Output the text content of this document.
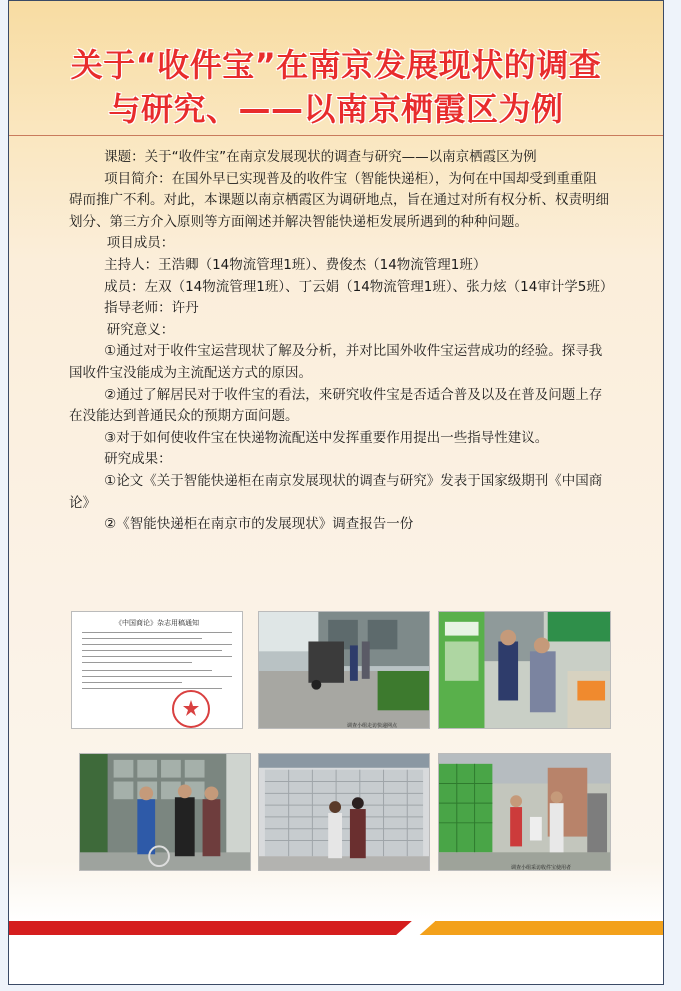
关于“收件宝”在南京发展现状的调查
与研究、——以南京栖霞区为例

课题：关于“收件宝”在南京发展现状的调查与研究——以南京栖霞区为例

项目简介：在国外早已实现普及的收件宝（智能快递柜），为何在中国却受到重重阻碍而推广不利。对此，本课题以南京栖霞区为调研地点，旨在通过对所有权分析、权责明细划分、第三方介入原则等方面阐述并解决智能快递柜发展所遇到的种种问题。

项目成员：

主持人：王浩卿（14物流管理1班）、费俊杰（14物流管理1班）

成员：左双（14物流管理1班）、丁云娟（14物流管理1班）、张力炫（14审计学5班）

指导老师：许丹

研究意义：

①通过对于收件宝运营现状了解及分析，并对比国外收件宝运营成功的经验。探寻我国收件宝没能成为主流配送方式的原因。

②通过了解居民对于收件宝的看法，来研究收件宝是否适合普及以及在普及问题上存在没能达到普通民众的预期方面问题。

③对于如何使收件宝在快递物流配送中发挥重要作用提出一些指导性建议。

研究成果：

①论文《关于智能快递柜在南京发展现状的调查与研究》发表于国家级期刊《中国商论》

②《智能快递柜在南京市的发展现状》调查报告一份

《中国商论》杂志用稿通知
调查小组走访快递网点
调查小组采访收件宝使用者
